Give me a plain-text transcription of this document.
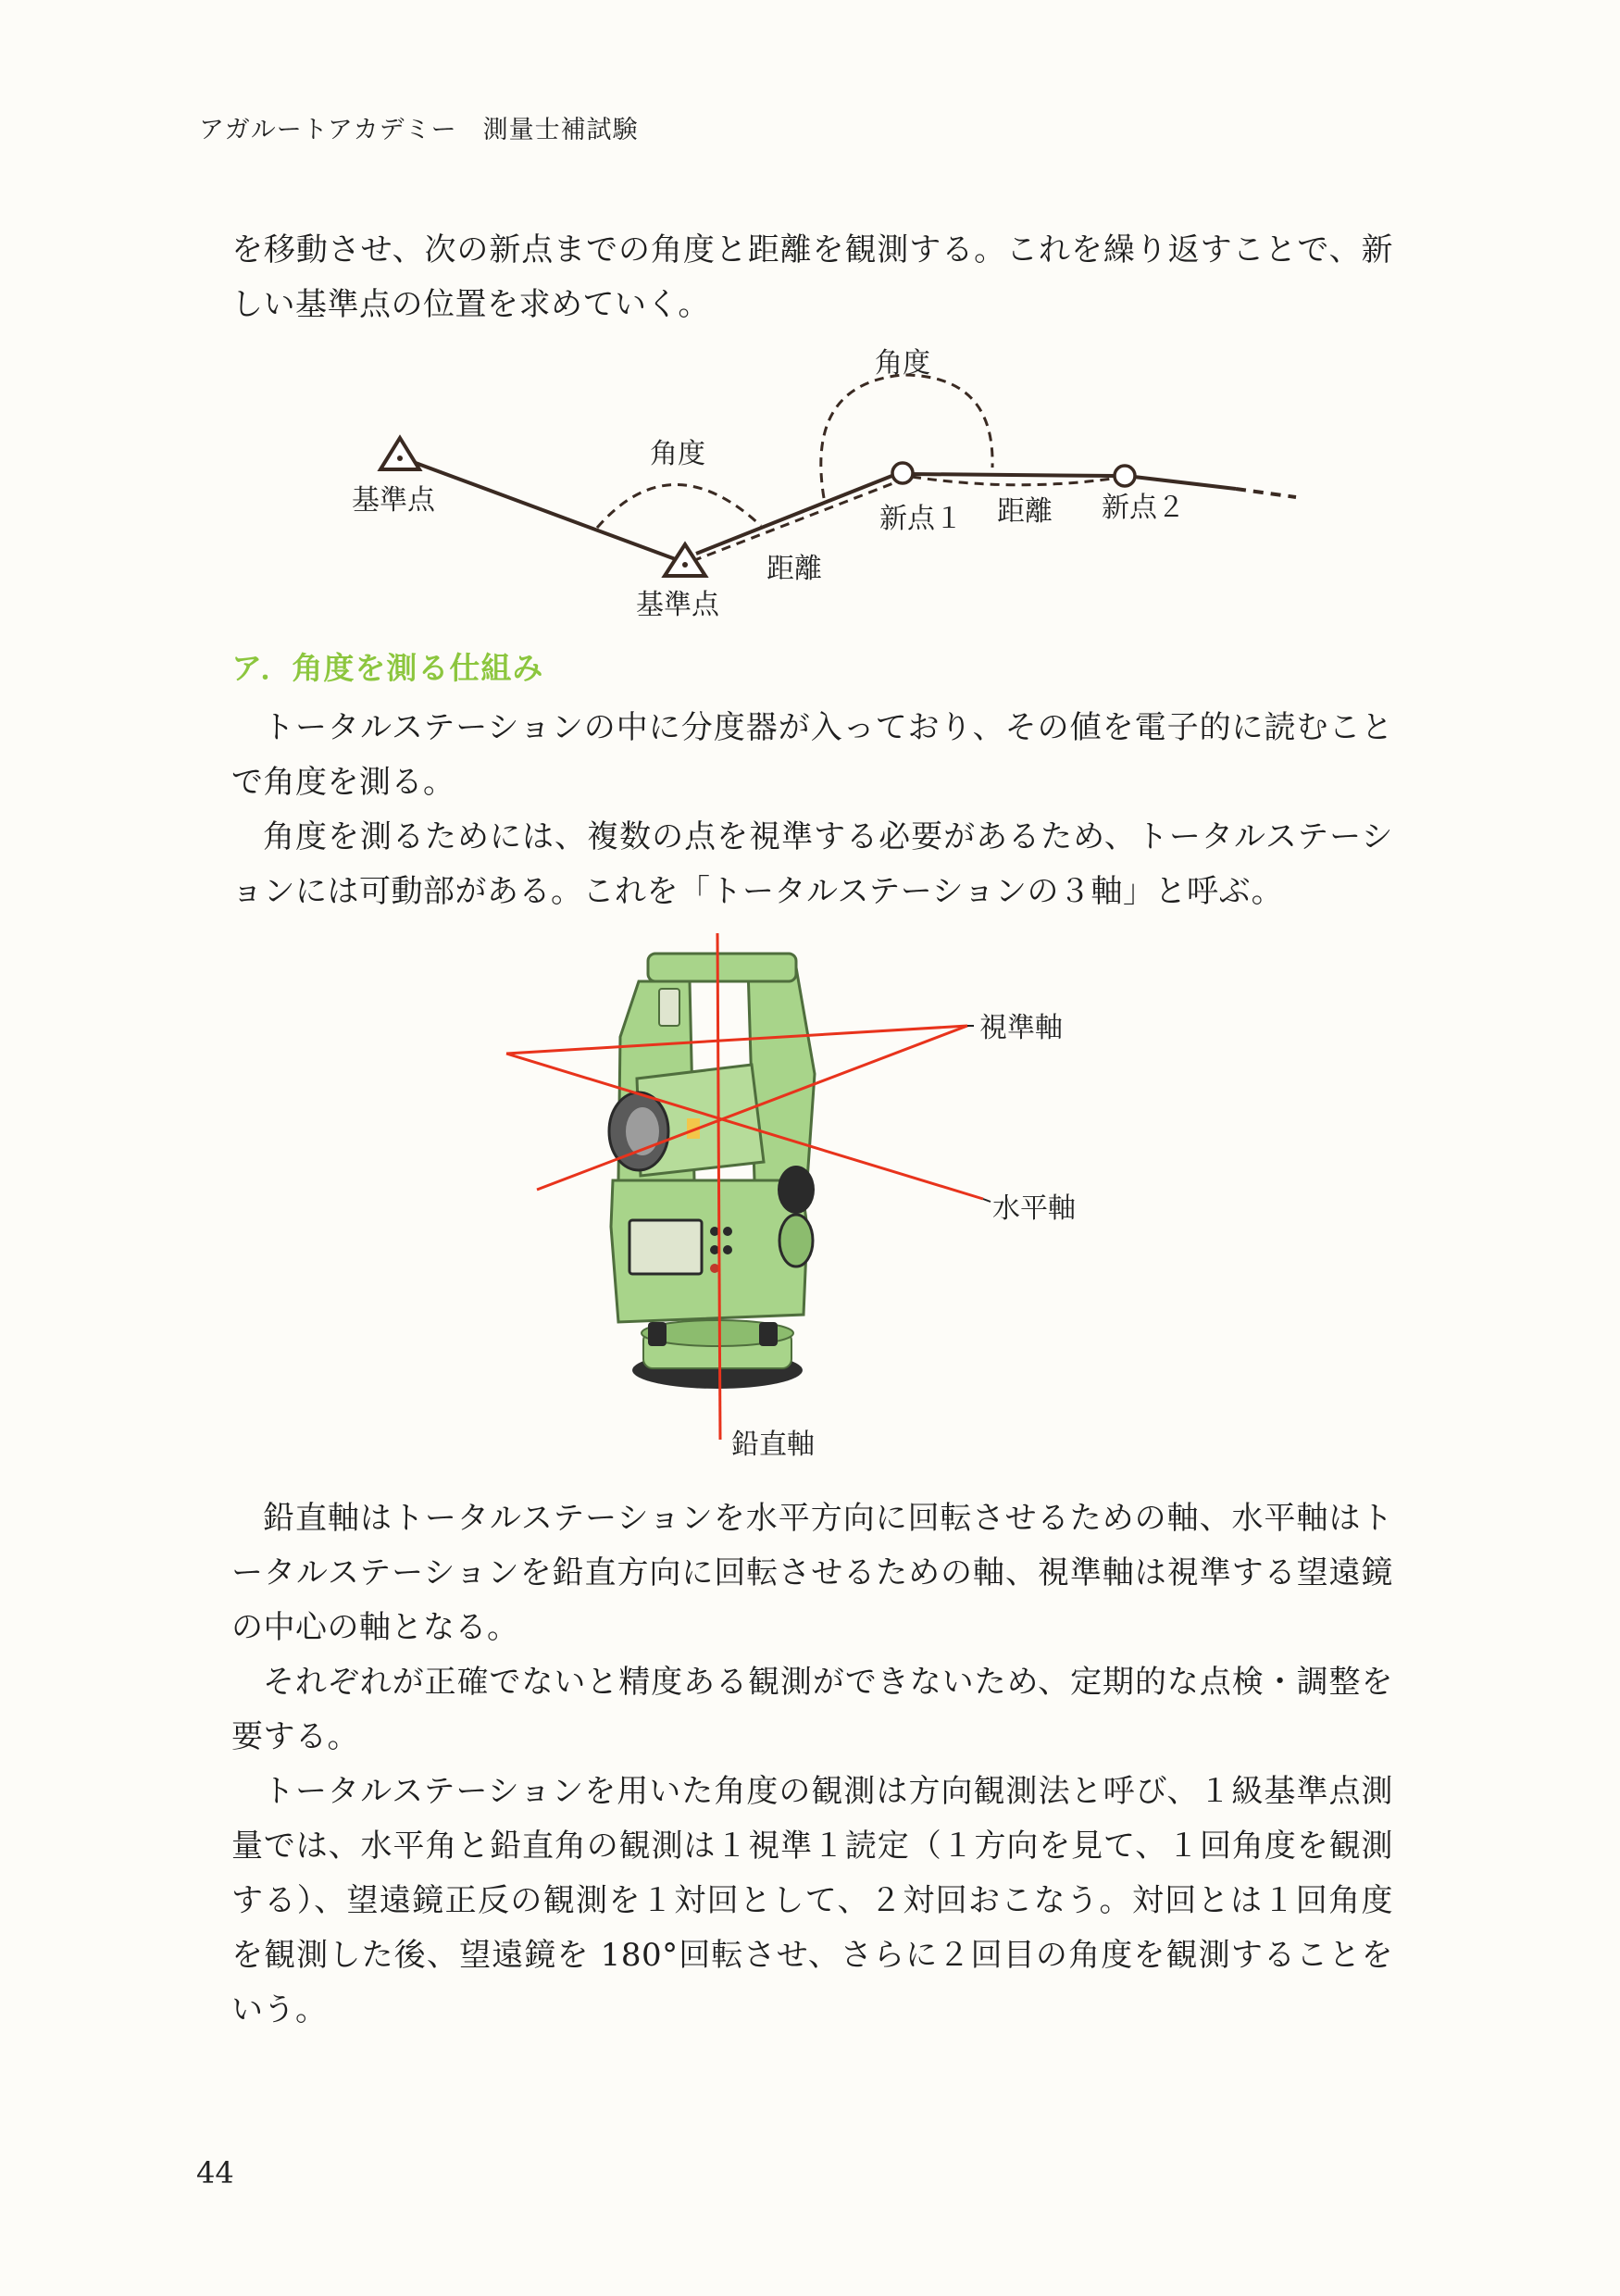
アガルートアカデミー　測量士補試験

を移動させ、次の新点までの角度と距離を観測する。これを繰り返すことで、新しい基準点の位置を求めていく。

基準点
角度
角度
新点１ 距離 新点２
距離
基準点
ア．角度を測る仕組み

トータルステーションの中に分度器が入っており、その値を電子的に読むことで角度を測る。

角度を測るためには、複数の点を視準する必要があるため、トータルステーションには可動部がある。これを「トータルステーションの３軸」と呼ぶ。

視準軸
水平軸
鉛直軸

鉛直軸はトータルステーションを水平方向に回転させるための軸、水平軸はトータルステーションを鉛直方向に回転させるための軸、視準軸は視準する望遠鏡の中心の軸となる。

それぞれが正確でないと精度ある観測ができないため、定期的な点検・調整を要する。

トータルステーションを用いた角度の観測は方向観測法と呼び、１級基準点測量では、水平角と鉛直角の観測は１視準１読定（１方向を見て、１回角度を観測する）、望遠鏡正反の観測を１対回として、２対回おこなう。対回とは１回角度を観測した後、望遠鏡を 180°回転させ、さらに２回目の角度を観測することをいう。

44
